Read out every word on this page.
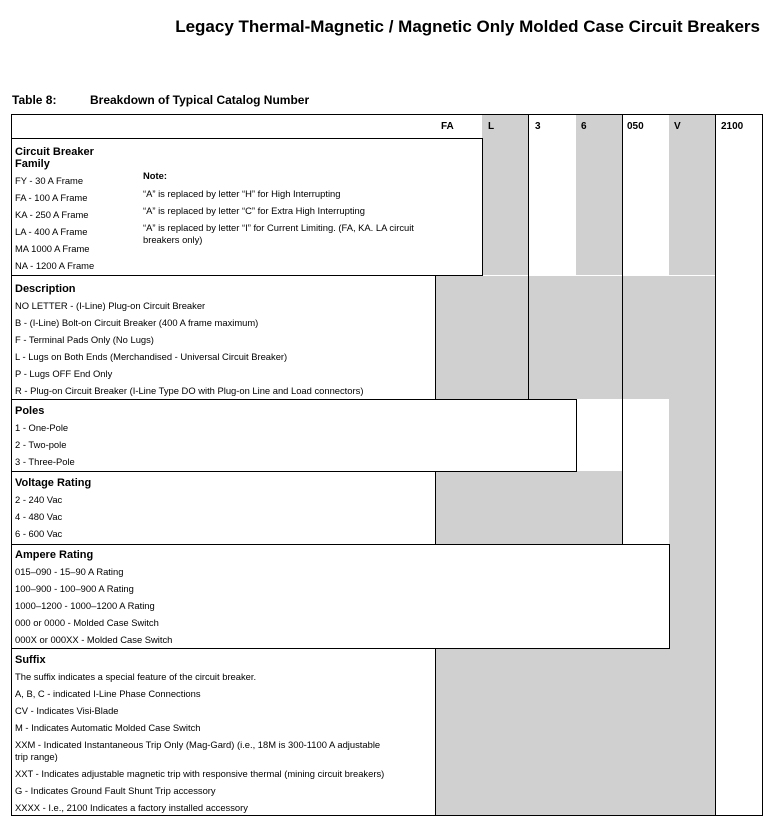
Legacy Thermal-Magnetic / Magnetic Only Molded Case Circuit Breakers
Table 8:	Breakdown of Typical Catalog Number
FA	L	3	6	050	V	2100
Circuit Breaker Family
FY - 30 A Frame
FA - 100 A Frame
KA - 250 A Frame
LA - 400 A Frame
MA 1000 A Frame
NA - 1200 A Frame
Note:
“A” is replaced by letter “H” for High Interrupting
“A” is replaced by letter “C” for Extra High Interrupting
“A” is replaced by letter “I” for Current Limiting. (FA, KA. LA circuit breakers only)
Description
NO LETTER - (I-Line) Plug-on Circuit Breaker
B - (I-Line) Bolt-on Circuit Breaker (400 A frame maximum)
F - Terminal Pads Only (No Lugs)
L - Lugs on Both Ends (Merchandised - Universal Circuit Breaker)
P - Lugs OFF End Only
R - Plug-on Circuit Breaker (I-Line Type DO with Plug-on Line and Load connectors)
Poles
1 - One-Pole
2 - Two-pole
3 - Three-Pole
Voltage Rating
2 - 240 Vac
4 - 480 Vac
6 - 600 Vac
Ampere Rating
015–090 - 15–90 A Rating
100–900 - 100–900 A Rating
1000–1200 - 1000–1200 A Rating
000 or 0000 - Molded Case Switch
000X or 000XX - Molded Case Switch
Suffix
The suffix indicates a special feature of the circuit breaker.
A, B, C - indicated I-Line Phase Connections
CV - Indicates Visi-Blade
M - Indicates Automatic Molded Case Switch
XXM - Indicated Instantaneous Trip Only (Mag-Gard) (i.e., 18M is 300-1100 A adjustable trip range)
XXT - Indicates adjustable magnetic trip with responsive thermal (mining circuit breakers)
G - Indicates Ground Fault Shunt Trip accessory
XXXX - I.e., 2100 Indicates a factory installed accessory
